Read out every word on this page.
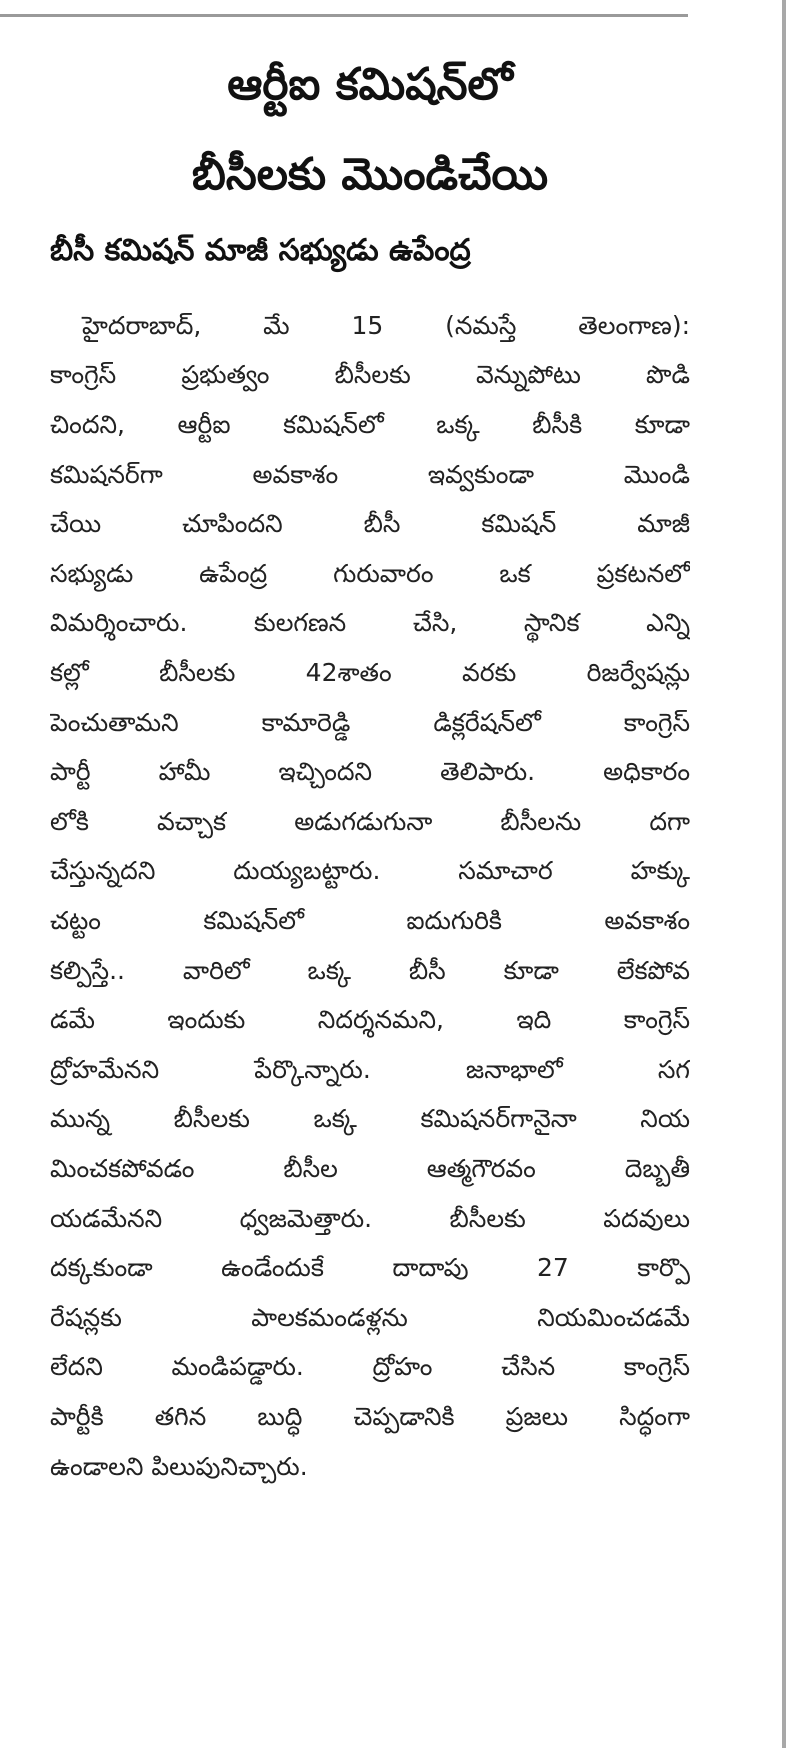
ఆర్టీఐ కమిషన్‌లో
బీసీలకు మొండిచేయి
బీసీ కమిషన్ మాజీ సభ్యుడు ఉపేంద్ర
హైదరాబాద్, మే 15 (నమస్తే తెలంగాణ):
కాంగ్రెస్ ప్రభుత్వం బీసీలకు వెన్నుపోటు పొడి
చిందని, ఆర్టీఐ కమిషన్‌లో ఒక్క బీసీకి కూడా
కమిషనర్‌గా అవకాశం ఇవ్వకుండా మొండి
చేయి చూపిందని బీసీ కమిషన్ మాజీ
సభ్యుడు ఉపేంద్ర గురువారం ఒక ప్రకటనలో
విమర్శించారు. కులగణన చేసి, స్థానిక ఎన్ని
కల్లో బీసీలకు 42శాతం వరకు రిజర్వేషన్లు
పెంచుతామని కామారెడ్డి డిక్లరేషన్‌లో కాంగ్రెస్
పార్టీ హామీ ఇచ్చిందని తెలిపారు. అధికారం
లోకి వచ్చాక అడుగడుగునా బీసీలను దగా
చేస్తున్నదని దుయ్యబట్టారు. సమాచార హక్కు
చట్టం కమిషన్‌లో ఐదుగురికి అవకాశం
కల్పిస్తే.. వారిలో ఒక్క బీసీ కూడా లేకపోవ
డమే ఇందుకు నిదర్శనమని, ఇది కాంగ్రెస్
ద్రోహమేనని పేర్కొన్నారు. జనాభాలో సగ
మున్న బీసీలకు ఒక్క కమిషనర్‌గానైనా నియ
మించకపోవడం బీసీల ఆత్మగౌరవం దెబ్బతీ
యడమేనని ధ్వజమెత్తారు. బీసీలకు పదవులు
దక్కకుండా ఉండేందుకే దాదాపు 27 కార్పొ
రేషన్లకు పాలకమండళ్లను నియమించడమే
లేదని మండిపడ్డారు. ద్రోహం చేసిన కాంగ్రెస్
పార్టీకి తగిన బుద్ధి చెప్పడానికి ప్రజలు సిద్ధంగా
ఉండాలని పిలుపునిచ్చారు.
